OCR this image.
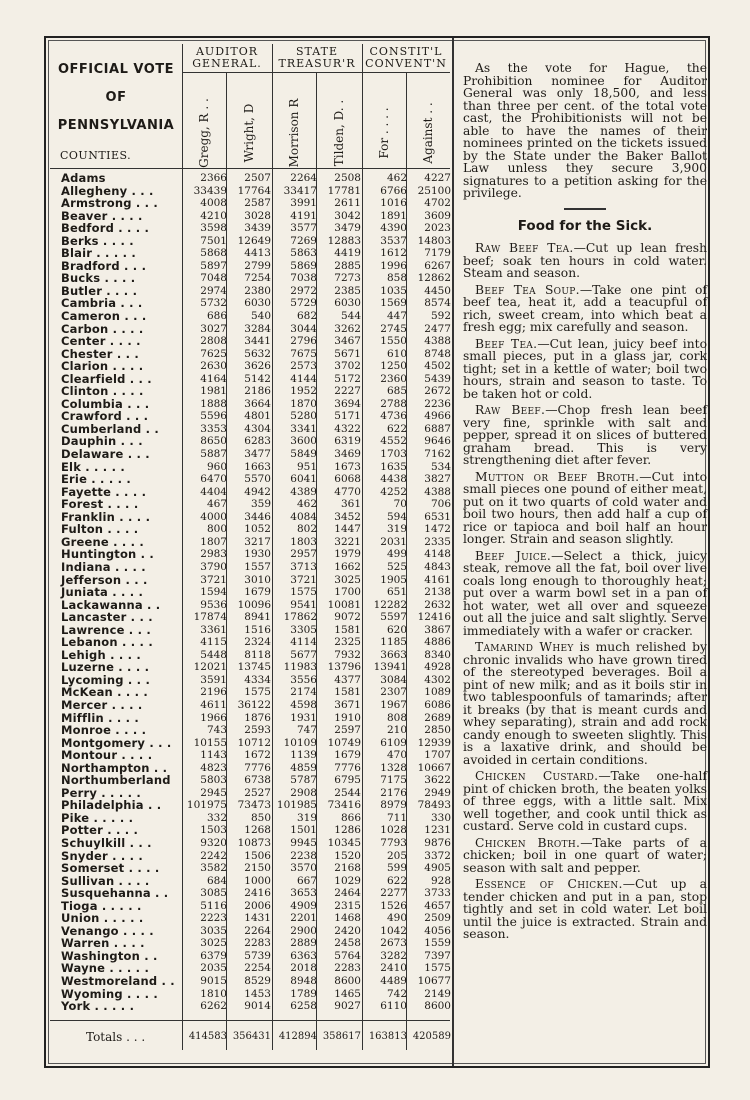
OFFICIAL VOTE
OF
PENNSYLVANIA
COUNTIES.
AUDITOR
GENERAL.
STATE
TREASUR'R
CONSTIT'L
CONVENT'N
Gregg, R . .	Wright, D	Morrison R	Tilden, D. .	For . . . .	Against . .
Adams	2366	2507	2264	2508	462	4227
Allegheny . . .	33439	17764	33417	17781	6766	25100
Armstrong . . .	4008	2587	3991	2611	1016	4702
Beaver . . . .	4210	3028	4191	3042	1891	3609
Bedford . . . .	3598	3439	3577	3479	4390	2023
Berks . . . .	7501	12649	7269	12883	3537	14803
Blair . . . . .	5868	4413	5863	4419	1612	7179
Bradford . . .	5897	2799	5869	2885	1996	6267
Bucks . . . .	7048	7254	7038	7273	858	12862
Butler . . . .	2974	2380	2972	2385	1035	4450
Cambria . . .	5732	6030	5729	6030	1569	8574
Cameron . . .	686	540	682	544	447	592
Carbon . . . .	3027	3284	3044	3262	2745	2477
Center . . . .	2808	3441	2796	3467	1550	4388
Chester . . .	7625	5632	7675	5671	610	8748
Clarion . . . .	2630	3626	2573	3702	1250	4502
Clearfield . . .	4164	5142	4144	5172	2360	5439
Clinton . . . .	1981	2186	1952	2227	685	2672
Columbia . . .	1888	3664	1870	3694	2788	2236
Crawford . . .	5596	4801	5280	5171	4736	4966
Cumberland . .	3353	4304	3341	4322	622	6887
Dauphin . . .	8650	6283	3600	6319	4552	9646
Delaware . . .	5887	3477	5849	3469	1703	7162
Elk . . . . .	960	1663	951	1673	1635	534
Erie . . . . .	6470	5570	6041	6068	4438	3827
Fayette . . . .	4404	4942	4389	4770	4252	4388
Forest . . . .	467	359	462	361	70	706
Franklin . . . .	4000	3446	4084	3452	594	6531
Fulton . . . .	800	1052	802	1447	319	1472
Greene . . . .	1807	3217	1803	3221	2031	2335
Huntington . .	2983	1930	2957	1979	499	4148
Indiana . . . .	3790	1557	3713	1662	525	4843
Jefferson . . .	3721	3010	3721	3025	1905	4161
Juniata . . . .	1594	1679	1575	1700	651	2138
Lackawanna . .	9536	10096	9541	10081	12282	2632
Lancaster . . .	17874	8941	17862	9072	5597	12416
Lawrence . . .	3361	1516	3305	1581	620	3867
Lebanon . . . .	4115	2324	4114	2325	1185	4886
Lehigh . . . .	5448	8118	5677	7932	3663	8340
Luzerne . . . .	12021	13745	11983	13796	13941	4928
Lycoming . . .	3591	4334	3556	4377	3084	4302
McKean . . . .	2196	1575	2174	1581	2307	1089
Mercer . . . .	4611	36122	4598	3671	1967	6086
Mifflin . . . .	1966	1876	1931	1910	808	2689
Monroe . . . .	743	2593	747	2597	210	2850
Montgomery . . .	10155	10712	10109	10749	6109	12939
Montour . . . .	1143	1672	1139	1679	470	1707
Northampton . .	4823	7776	4859	7776	1328	10667
Northumberland	5803	6738	5787	6795	7175	3622
Perry . . . . .	2945	2527	2908	2544	2176	2949
Philadelphia . .	101975	73473 101985	73416	8979	78493
Pike . . . . .	332	850	319	866	711	330
Potter . . . .	1503	1268	1501	1286	1028	1231
Schuylkill . . .	9320	10873	9945	10345	7793	9876
Snyder . . . .	2242	1506	2238	1520	205	3372
Somerset . . . .	3582	2150	3570	2168	599	4905
Sullivan . . . .	684	1000	667	1029	622	928
Susquehanna . .	3085	2416	3653	2464	2277	3733
Tioga . . . . .	5116	2006	4909	2315	1526	4657
Union . . . . .	2223	1431	2201	1468	490	2509
Venango . . . .	3035	2264	2900	2420	1042	4056
Warren . . . .	3025	2283	2889	2458	2673	1559
Washington . .	6379	5739	6363	5764	3282	7397
Wayne . . . . .	2035	2254	2018	2283	2410	1575
Westmoreland . .	9015	8529	8948	8600	4489	10677
Wyoming . . . .	1810	1453	1789	1465	742	2149
York . . . . .	6262	9014	6258	9027	6110	8600
Totals . . .	414583 356431 412894 358617 163813 420589

As the vote for Hague, the Prohibition nominee for Auditor General was only 18,500, and less than three per cent. of the total vote cast, the Prohibitionists will not be able to have the names of their nominees printed on the tickets issued by the State under the Baker Ballot Law unless they secure 3,900 signatures to a petition asking for the privilege.

Food for the Sick.

Raw Beef Tea.—Cut up lean fresh beef; soak ten hours in cold water. Steam and season.

Beef Tea Soup.—Take one pint of beef tea, heat it, add a teacupful of rich, sweet cream, into which beat a fresh egg; mix carefully and season.

Beef Tea.—Cut lean, juicy beef into small pieces, put in a glass jar, cork tight; set in a kettle of water; boil two hours, strain and season to taste. To be taken hot or cold.

Raw Beef.—Chop fresh lean beef very fine, sprinkle with salt and pepper, spread it on slices of buttered graham bread. This is very strengthening diet after fever.

Mutton or Beef Broth.—Cut into small pieces one pound of either meat, put on it two quarts of cold water and boil two hours, then add half a cup of rice or tapioca and boil half an hour longer. Strain and season slightly.

Beef Juice.—Select a thick, juicy steak, remove all the fat, boil over live coals long enough to thoroughly heat; put over a warm bowl set in a pan of hot water, wet all over and squeeze out all the juice and salt slightly. Serve immediately with a wafer or cracker.

Tamarind Whey is much relished by chronic invalids who have grown tired of the stereotyped beverages. Boil a pint of new milk; and as it boils stir in two tablespoonfuls of tamarinds; after it breaks (by that is meant curds and whey separating), strain and add rock candy enough to sweeten slightly. This is a laxative drink, and should be avoided in certain conditions.

Chicken Custard.—Take one-half pint of chicken broth, the beaten yolks of three eggs, with a little salt. Mix well together, and cook until thick as custard. Serve cold in custard cups.

Chicken Broth.—Take parts of a chicken; boil in one quart of water; season with salt and pepper.

Essence of Chicken.—Cut up a tender chicken and put in a pan, stop tightly and set in cold water. Let boil until the juice is extracted. Strain and season.
